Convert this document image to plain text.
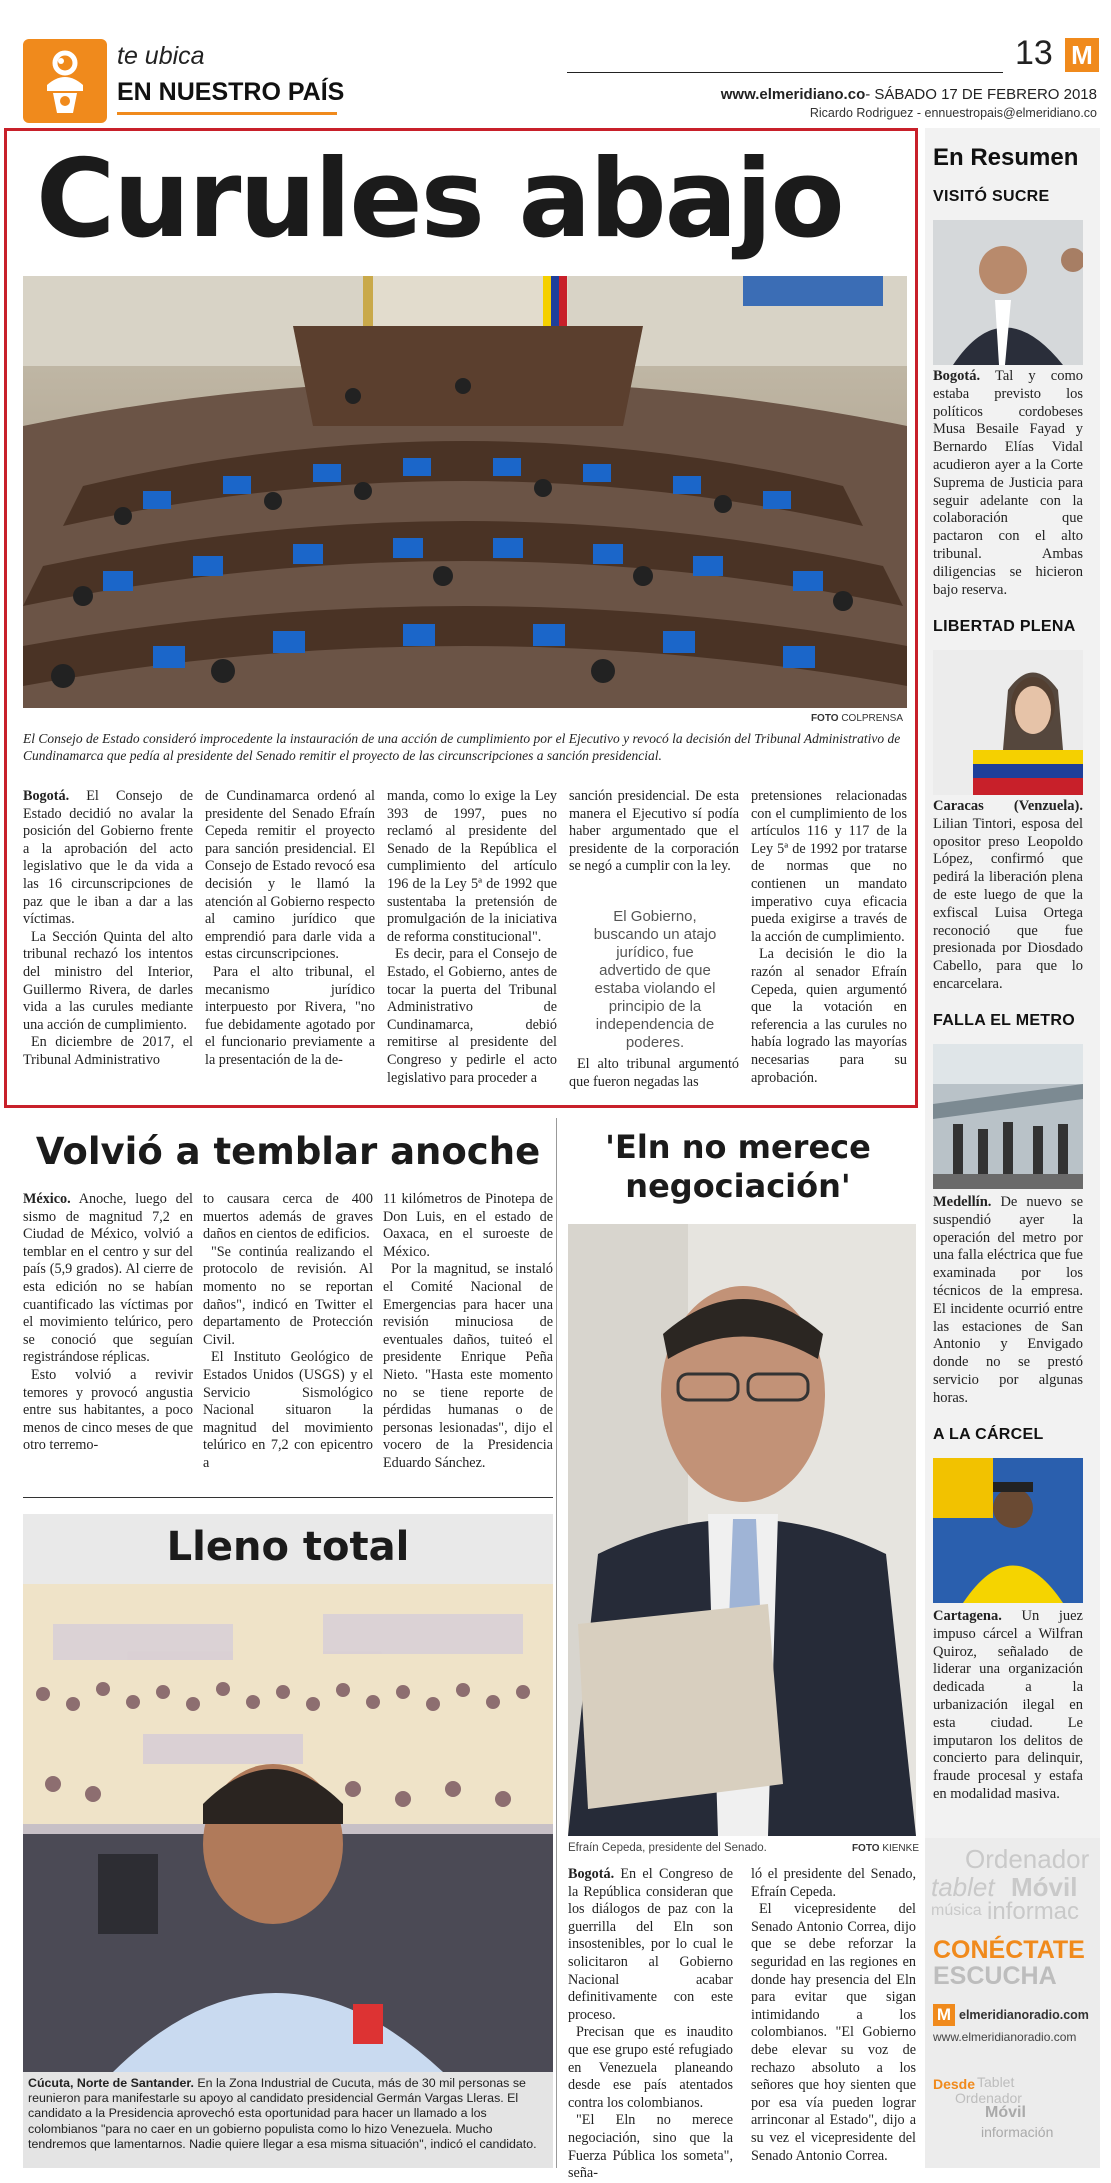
te ubica
EN NUESTRO PAÍS
13 M
www.elmeridiano.co- SÁBADO 17 DE FEBRERO 2018
Ricardo Rodriguez - ennuestropais@elmeridiano.co
Curules abajo
FOTO COLPRENSA
El Consejo de Estado consideró improcedente la instauración de una acción de cumplimiento por el Ejecutivo y revocó la decisión del Tribunal Administrativo de Cundinamarca que pedía al presidente del Senado remitir el proyecto de las circunscripciones a sanción presidencial.

Bogotá. El Consejo de Estado decidió no avalar la posición del Gobierno frente a la aprobación del acto legislativo que le da vida a las 16 circunscripciones de paz que le iban a dar a las víctimas.

La Sección Quinta del alto tribunal rechazó los intentos del ministro del Interior, Guillermo Rivera, de darles vida a las curules mediante una acción de cumplimiento.

En diciembre de 2017, el Tribunal Administrativo

de Cundinamarca ordenó al presidente del Senado Efraín Cepeda remitir el proyecto para sanción presidencial. El Consejo de Estado revocó esa decisión y le llamó la atención al Gobierno respecto al camino jurídico que emprendió para darle vida a estas circunscripciones.

Para el alto tribunal, el mecanismo jurídico interpuesto por Rivera, "no fue debidamente agotado por el funcionario previamente a la presentación de la de-

manda, como lo exige la Ley 393 de 1997, pues no reclamó al presidente del Senado de la República el cumplimiento del artículo 196 de la Ley 5ª de 1992 que sustentaba la pretensión de promulgación de la iniciativa de reforma constitucional".

Es decir, para el Consejo de Estado, el Gobierno, antes de tocar la puerta del Tribunal Administrativo de Cundinamarca, debió remitirse al presidente del Congreso y pedirle el acto legislativo para proceder a

sanción presidencial. De esta manera el Ejecutivo sí podía haber argumentado que el presidente de la corporación se negó a cumplir con la ley.

El Gobierno, buscando un atajo jurídico, fue advertido de que estaba violando el principio de la independencia de poderes.

El alto tribunal argumentó que fueron negadas las

pretensiones relacionadas con el cumplimiento de los artículos 116 y 117 de la Ley 5ª de 1992 por tratarse de normas que no contienen un mandato imperativo cuya eficacia pueda exigirse a través de la acción de cumplimiento.

La decisión le dio la razón al senador Efraín Cepeda, quien argumentó que la votación en referencia a las curules no había logrado las mayorías necesarias para su aprobación.

En Resumen
VISITÓ SUCRE
Bogotá. Tal y como estaba previsto los políticos cordobeses Musa Besaile Fayad y Bernardo Elías Vidal acudieron ayer a la Corte Suprema de Justicia para seguir adelante con la colaboración que pactaron con el alto tribunal. Ambas diligencias se hicieron bajo reserva.
LIBERTAD PLENA
Caracas (Venzuela). Lilian Tintori, esposa del opositor preso Leopoldo López, confirmó que pedirá la liberación plena de este luego de que la exfiscal Luisa Ortega reconoció que fue presionada por Diosdado Cabello, para que lo encarcelara.
FALLA EL METRO
Medellín. De nuevo se suspendió ayer la operación del metro por una falla eléctrica que fue examinada por los técnicos de la empresa. El incidente ocurrió entre las estaciones de San Antonio y Envigado donde no se prestó servicio por algunas horas.
A LA CÁRCEL
Cartagena. Un juez impuso cárcel a Wilfran Quiroz, señalado de liderar una organización dedicada a la urbanización ilegal en esta ciudad. Le imputaron los delitos de concierto para delinquir, fraude procesal y estafa en modalidad masiva.
Ordenador
tablet Móvil
música informac
CONÉCTATE
ESCUCHA
M elmeridianoradio.com
www.elmeridianoradio.com
Desde Tablet
Ordenador
Móvil
información
Volvió a temblar anoche

México. Anoche, luego del sismo de magnitud 7,2 en Ciudad de México, volvió a temblar en el centro y sur del país (5,9 grados). Al cierre de esta edición no se habían cuantificado las víctimas por el movimiento telúrico, pero se conoció que seguían registrándose réplicas.

Esto volvió a revivir temores y provocó angustia entre sus habitantes, a poco menos de cinco meses de que otro terremo-

to causara cerca de 400 muertos además de graves daños en cientos de edificios.

"Se continúa realizando el protocolo de revisión. Al momento no se reportan daños", indicó en Twitter el departamento de Protección Civil.

El Instituto Geológico de Estados Unidos (USGS) y el Servicio Sismológico Nacional situaron la magnitud del movimiento telúrico en 7,2 con epicentro a

11 kilómetros de Pinotepa de Don Luis, en el estado de Oaxaca, en el suroeste de México.

Por la magnitud, se instaló el Comité Nacional de Emergencias para hacer una revisión minuciosa de eventuales daños, tuiteó el presidente Enrique Peña Nieto. "Hasta este momento no se tiene reporte de pérdidas humanas o de personas lesionadas", dijo el vocero de la Presidencia Eduardo Sánchez.

Lleno total
Cúcuta, Norte de Santander. En la Zona Industrial de Cucuta, más de 30 mil personas se reunieron para manifestarle su apoyo al candidato presidencial Germán Vargas Lleras. El candidato a la Presidencia aprovechó esta oportunidad para hacer un llamado a los colombianos "para no caer en un gobierno populista como lo hizo Venezuela. Mucho tendremos que lamentarnos. Nadie quiere llegar a esa misma situación", indicó el candidato.
'Eln no merece negociación'
Efraín Cepeda, presidente del Senado.	FOTO KIENKE

Bogotá. En el Congreso de la República consideran que los diálogos de paz con la guerrilla del Eln son insostenibles, por lo cual le solicitaron al Gobierno Nacional acabar definitivamente con este proceso.

Precisan que es inaudito que ese grupo esté refugiado en Venezuela planeando desde ese país atentados contra los colombianos.

"El Eln no merece negociación, sino que la Fuerza Pública los someta", seña-

ló el presidente del Senado, Efraín Cepeda.

El vicepresidente del Senado Antonio Correa, dijo que se debe reforzar la seguridad en las regiones en donde hay presencia del Eln para evitar que sigan intimidando a los colombianos. "El Gobierno debe elevar su voz de rechazo absoluto a los señores que hoy sienten que por esa vía pueden lograr arrinconar al Estado", dijo a su vez el vicepresidente del Senado Antonio Correa.
